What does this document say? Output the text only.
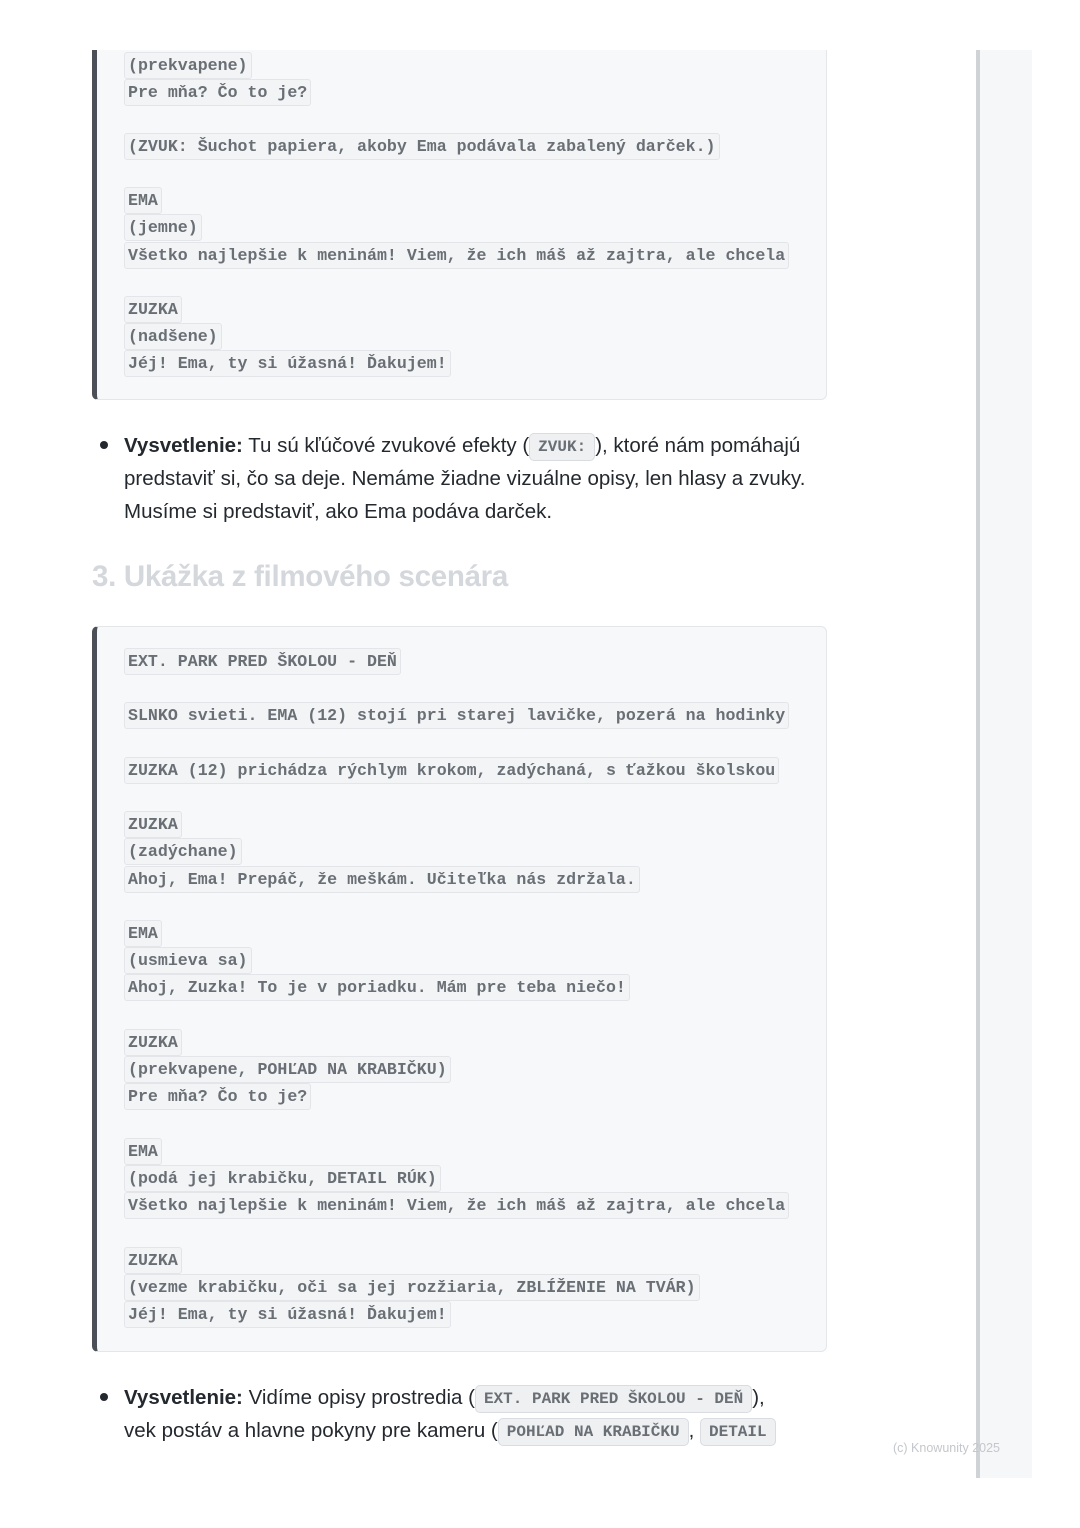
(prekvapene)
Pre mňa? Čo to je?
(ZVUK: Šuchot papiera, akoby Ema podávala zabalený darček.)
EMA
(jemne)
Všetko najlepšie k meninám! Viem, že ich máš až zajtra, ale chcela
ZUZKA
(nadšene)
Jéj! Ema, ty si úžasná! Ďakujem!

Vysvetlenie: Tu sú kľúčové zvukové efekty ( ZVUK: ), ktoré nám pomáhajú predstaviť si, čo sa deje. Nemáme žiadne vizuálne opisy, len hlasy a zvuky. Musíme si predstaviť, ako Ema podáva darček.

3. Ukážka z filmového scenára
EXT. PARK PRED ŠKOLOU - DEŇ
SLNKO svieti. EMA (12) stojí pri starej lavičke, pozerá na hodinky
ZUZKA (12) prichádza rýchlym krokom, zadýchaná, s ťažkou školskou
ZUZKA
(zadýchane)
Ahoj, Ema! Prepáč, že meškám. Učiteľka nás zdržala.
EMA
(usmieva sa)
Ahoj, Zuzka! To je v poriadku. Mám pre teba niečo!
ZUZKA
(prekvapene, POHĽAD NA KRABIČKU)
Pre mňa? Čo to je?
EMA
(podá jej krabičku, DETAIL RÚK)
Všetko najlepšie k meninám! Viem, že ich máš až zajtra, ale chcela
ZUZKA
(vezme krabičku, oči sa jej rozžiaria, ZBLÍŽENIE NA TVÁR)
Jéj! Ema, ty si úžasná! Ďakujem!
Vysvetlenie: Vidíme opisy prostredia ( EXT. PARK PRED ŠKOLOU - DEŇ ),
vek postáv a hlavne pokyny pre kameru ( POHĽAD NA KRABIČKU , DETAIL
(c) Knowunity 2025
